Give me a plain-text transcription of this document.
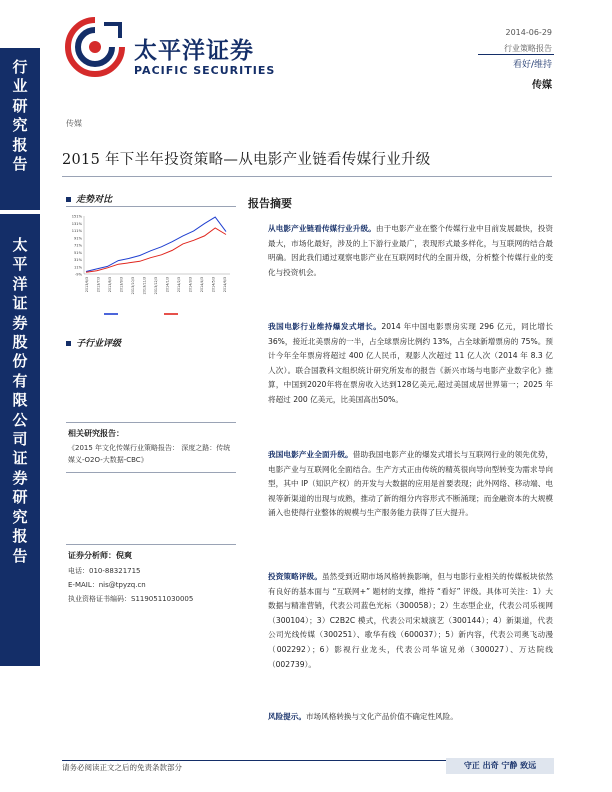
行
业
研
究
报
告
太
平
洋
证
券
股
份
有
限
公
司
证
券
研
究
报
告
太平洋证券
PACIFIC SECURITIES
2014-06-29
行业策略报告
看好/维持
传媒
传媒
2015 年下半年投资策略—从电影产业链看传媒行业升级
走势对比
151%
131%
111%
91%
71%
51%
31%
11%
-9%
2013/6/3 2013/7/3 2013/8/3 2013/9/3 2013/10/3 2013/11/3 2013/12/3 2014/1/3 2014/2/3 2014/3/3 2014/4/3 2014/5/3 2014/6/3
子行业评级
相关研究报告：
《2015 年文化传媒行业策略报告： 深度之路：传统媒义-O2O-大数据-CBC》
证券分析师：倪爽
电话：010-88321715
E-MAIL：nis@tpyzq.cn
执业资格证书编码：S1190511030005
报告摘要
从电影产业链看传媒行业升级。由于电影产业在整个传媒行业中目前发展最快，投资最大，市场化最好，涉及的上下游行业最广，表现形式最多样化，与互联网的结合最明确。因此我们通过观察电影产业在互联网时代的全面升级，分析整个传媒行业的变化与投资机会。
我国电影行业维持爆发式增长。2014 年中国电影票房实现 296 亿元，同比增长 36%，接近北美票房的一半，占全球票房比例约 13%，占全球新增票房的 75%。预计今年全年票房将超过 400 亿人民币，观影人次超过 11 亿人次（2014 年 8.3 亿人次）。联合国教科文组织统计研究所发布的报告《新兴市场与电影产业数字化》推算，中国到2020年将在票房收入达到128亿美元,超过美国成居世界第一；2025 年将超过 200 亿美元，比美国高出50%。
我国电影产业全面升级。借助我国电影产业的爆发式增长与互联网行业的领先优势，电影产业与互联网化全面结合。生产方式正由传统的精英很向导向型转变为需求导向型，其中 IP（知识产权）的开发与大数据的应用是首要表现；此外网络、移动端、电视等新渠道的出现与成熟，推动了新的细分内容形式不断涌现；而金融资本的大规模涌入也使得行业整体的规模与生产服务能力获得了巨大提升。
投资策略评级。虽然受到近期市场风格转换影响，但与电影行业相关的传媒板块依然有良好的基本面与 “互联网+” 题材的支撑，维持 “看好” 评级。具体可关注：1）大数据与精准营销，代表公司蓝色光标（300058）；2）生态型企业，代表公司乐视网（300104）；3）C2B2C 模式，代表公司宋城演艺（300144）；4）新渠道，代表公司光线传媒（300251）、歌华有线（600037）；5）新内容，代表公司奥飞动漫（002292）；6）影视行业龙头，代表公司华谊兄弟（300027）、万达院线（002739）。
风险提示。市场风格转换与文化产品价值不确定性风险。
请务必阅读正文之后的免责条款部分	守正 出奇 宁静 致远
